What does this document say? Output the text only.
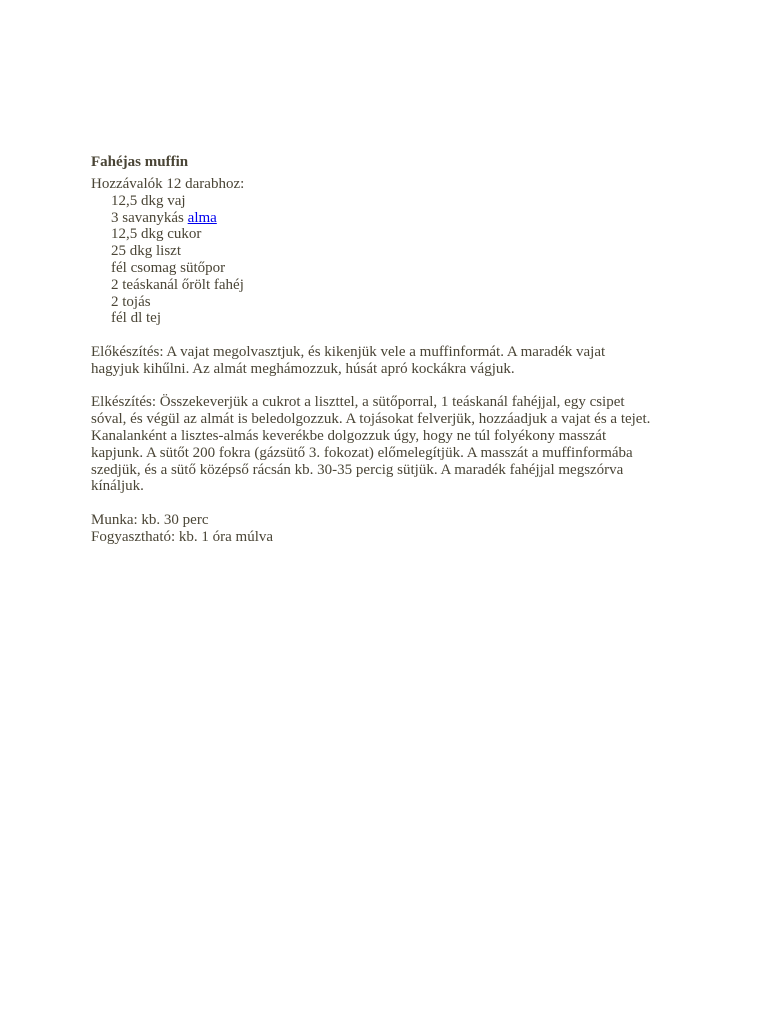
Fahéjas muffin
Hozzávalók 12 darabhoz:
12,5 dkg vaj
3 savanykás alma
12,5 dkg cukor
25 dkg liszt
fél csomag sütőpor
2 teáskanál őrölt fahéj
2 tojás
fél dl tej
Előkészítés: A vajat megolvasztjuk, és kikenjük vele a muffinformát. A maradék vajat
hagyjuk kihűlni. Az almát meghámozzuk, húsát apró kockákra vágjuk.
Elkészítés: Összekeverjük a cukrot a liszttel, a sütőporral, 1 teáskanál fahéjjal, egy csipet
sóval, és végül az almát is beledolgozzuk. A tojásokat felverjük, hozzáadjuk a vajat és a tejet.
Kanalanként a lisztes-almás keverékbe dolgozzuk úgy, hogy ne túl folyékony masszát
kapjunk. A sütőt 200 fokra (gázsütő 3. fokozat) előmelegítjük. A masszát a muffinformába
szedjük, és a sütő középső rácsán kb. 30-35 percig sütjük. A maradék fahéjjal megszórva
kínáljuk.
Munka: kb. 30 perc
Fogyasztható: kb. 1 óra múlva
